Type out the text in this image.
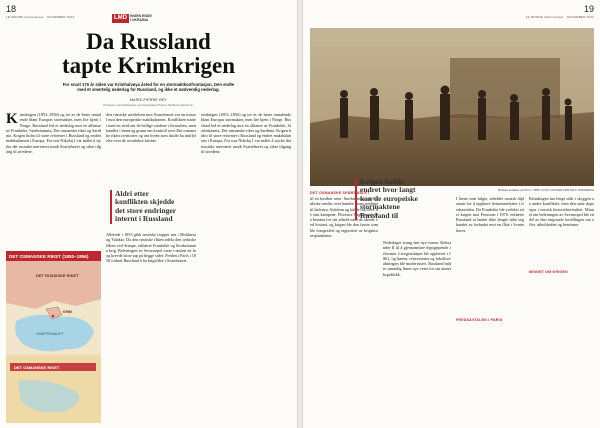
18
LE MONDE diplomatique · NOVEMBER 2022	LMD INGEN ENDE
I UKRAINA
Da Russland
tapte Krimkrigen
For snart 170 år siden var Krimhalvøya åsted for en stormaktkonfrontasjon. Den endte med et smertelig nederlag for Russland, og ikke et nødvendig nederlag.
MARIE-PIERRE REY
Professor i samtidshistorie ved Universitetet Paris 1 Panthéon-Sorbonne.
Krimkrigen (1853–1856) og tre av de beste omtalende blant Europas stormakter, men lite kjent i Norge. Russland led et nederlag mot en allianse av Frankrike, Storbritannia, Det osmanske riket og Sardinia. Krigen bidro til store reformer i Russland og endret maktbalansen i Europa. For tsar Nikolaj I var målet å styrke det russiske nærværet rundt Svartehavet og sikre tilgang til stredene.
den russiske utvidelsen mot Svartehavet var en trussel mot den europeiske maktbalansen. Konflikten startet med en strid om de hellige stedene i Jerusalem, men handlet i bunn og grunn om kontroll over Det osmanske rikets territorier og om hvem som skulle ha innflytelse over de ortodokse kristne.
Allerede i 1853 gikk russiske tropper inn i Moldavia og Valakia. Da den russiske flåten ødela den tyrkiske flåten ved Sinope, erklærte Frankrike og Storbritannia krig. Beleiringen av Sevastopol varte i nesten ett år og krevde store tap på begge sider. Freden i Paris i 1856 forbød Russland å ha krigsflåte i Svartehavet.
rimkrigen (1853–1856) og tre av de beste omtalende blant Europas stormakter, men lite kjent i Norge. Russland led et nederlag mot en allianse av Frankrike, Storbritannia, Det osmanske riket og Sardinia. Krigen bidro til store reformer i Russland og endret maktbalansen i Europa. For tsar Nikolaj I var målet å styrke det russiske nærværet rundt Svartehavet og sikre tilgang til stredene.
Aldri etter konflikten skjedde det store endringer internt i Russland
DET OSMANSKE RIKET (1853–1856)
DET RUSSISKE RIKET
KRIM
SVARTEHAVET
DET OSMANSKE RIKET
19
LE MONDE diplomatique · NOVEMBER 2022
Britiske soldater på Krim i 1855. FOTO: ROGER FENTON / WIKIMEDIA
til en kostbar seier. Storbritannia og Frankrike sendte over hundre tusen soldater til halvøya. Sykdom og kulde tok flere liv enn kampene. Florence Nightingale ble berømt for sitt arbeid med de sårede ved Scutari, og krigen ble den første som ble fotografert og rapportert av krigskorrespondenter.
Nederlaget tvang den nye tsaren Aleksander II til å gjennomføre dyptgripende reformer. Livegenskapet ble opphevet i 1861, og hæren, rettsvesenet og lokalforvaltningen ble modernisert. Russland måtte samtidig finne nye veier for sin utenrikspolitikk.
I årene som fulgte, arbeidet russisk diplomati for å oppheve bestemmelsene i fredsavtalen. Da Frankrike ble svekket etter krigen mot Preussen i 1870, erklærte Russland at landet ikke lenger følte seg bundet av forbudet mot en flåte i Svartehavet.
Krimkrigen har lenge stått i skyggen av andre konflikter, men den satte dype spor i russisk historiebevissthet. Minnet om beleiringen av Sevastopol ble en del av den nasjonale fortellingen om offer, utholdenhet og heroisme.
Krigen hadde endret hvor langt kan de europeiske stormaktene Russland til
DET OSMANSKE SPØRSMÅLET
FREDSAVTALEN I PARIS
MINNET OM KRIGEN
